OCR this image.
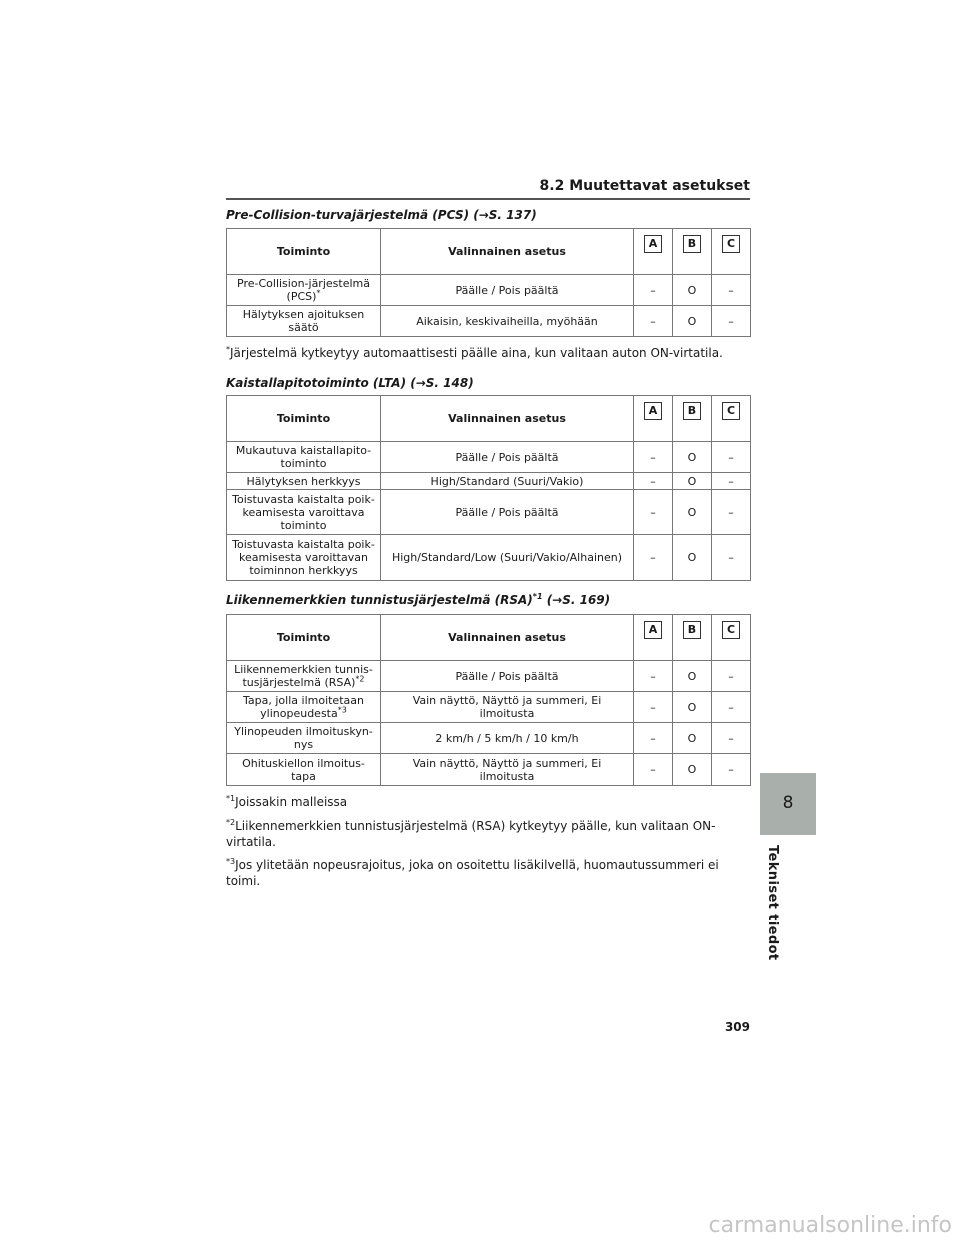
8.2 Muutettavat asetukset
8
Tekniset tiedot
Pre-Collision-turvajärjestelmä (PCS) (→S. 137)
Toiminto	Valinnainen asetus	A	B	C
Pre-Collision-järjestelmä (PCS)*	Päälle / Pois päältä	–	O	–
Hälytyksen ajoituksen säätö	Aikaisin, keskivaiheilla, myöhään	–	O	–
*Järjestelmä kytkeytyy automaattisesti päälle aina, kun valitaan auton ON-virtatila.
Kaistallapitotoiminto (LTA) (→S. 148)
Toiminto	Valinnainen asetus	A	B	C
Mukautuva kaistallapito-toiminto	Päälle / Pois päältä	–	O	–
Hälytyksen herkkyys	High/Standard (Suuri/Vakio)	–	O	–
Toistuvasta kaistalta poik-keamisesta varoittava toiminto	Päälle / Pois päältä	–	O	–
Toistuvasta kaistalta poik-keamisesta varoittavan toiminnon herkkyys	High/Standard/Low (Suuri/Vakio/Alhainen)	–	O	–
Liikennemerkkien tunnistusjärjestelmä (RSA)$^{*1}$ (→S. 169)
Toiminto	Valinnainen asetus	A	B	C
Liikennemerkkien tunnis-tusjärjestelmä (RSA)$^{*2}$	Päälle / Pois päältä	–	O	–
Tapa, jolla ilmoitetaan ylinopeudesta$^{*3}$	Vain näyttö, Näyttö ja summeri, Ei ilmoitusta	–	O	–
Ylinopeuden ilmoituskyn-nys	2 km/h / 5 km/h / 10 km/h	–	O	–
Ohituskiellon ilmoitus-tapa	Vain näyttö, Näyttö ja summeri, Ei ilmoitusta	–	O	–
$^{*1}$Joissakin malleissa
$^{*2}$Liikennemerkkien tunnistusjärjestelmä (RSA) kytkeytyy päälle, kun valitaan ON-virtatila.
$^{*3}$Jos ylitetään nopeusrajoitus, joka on osoitettu lisäkilvellä, huomautussummeri ei toimi.
309
carmanualsonline.info
